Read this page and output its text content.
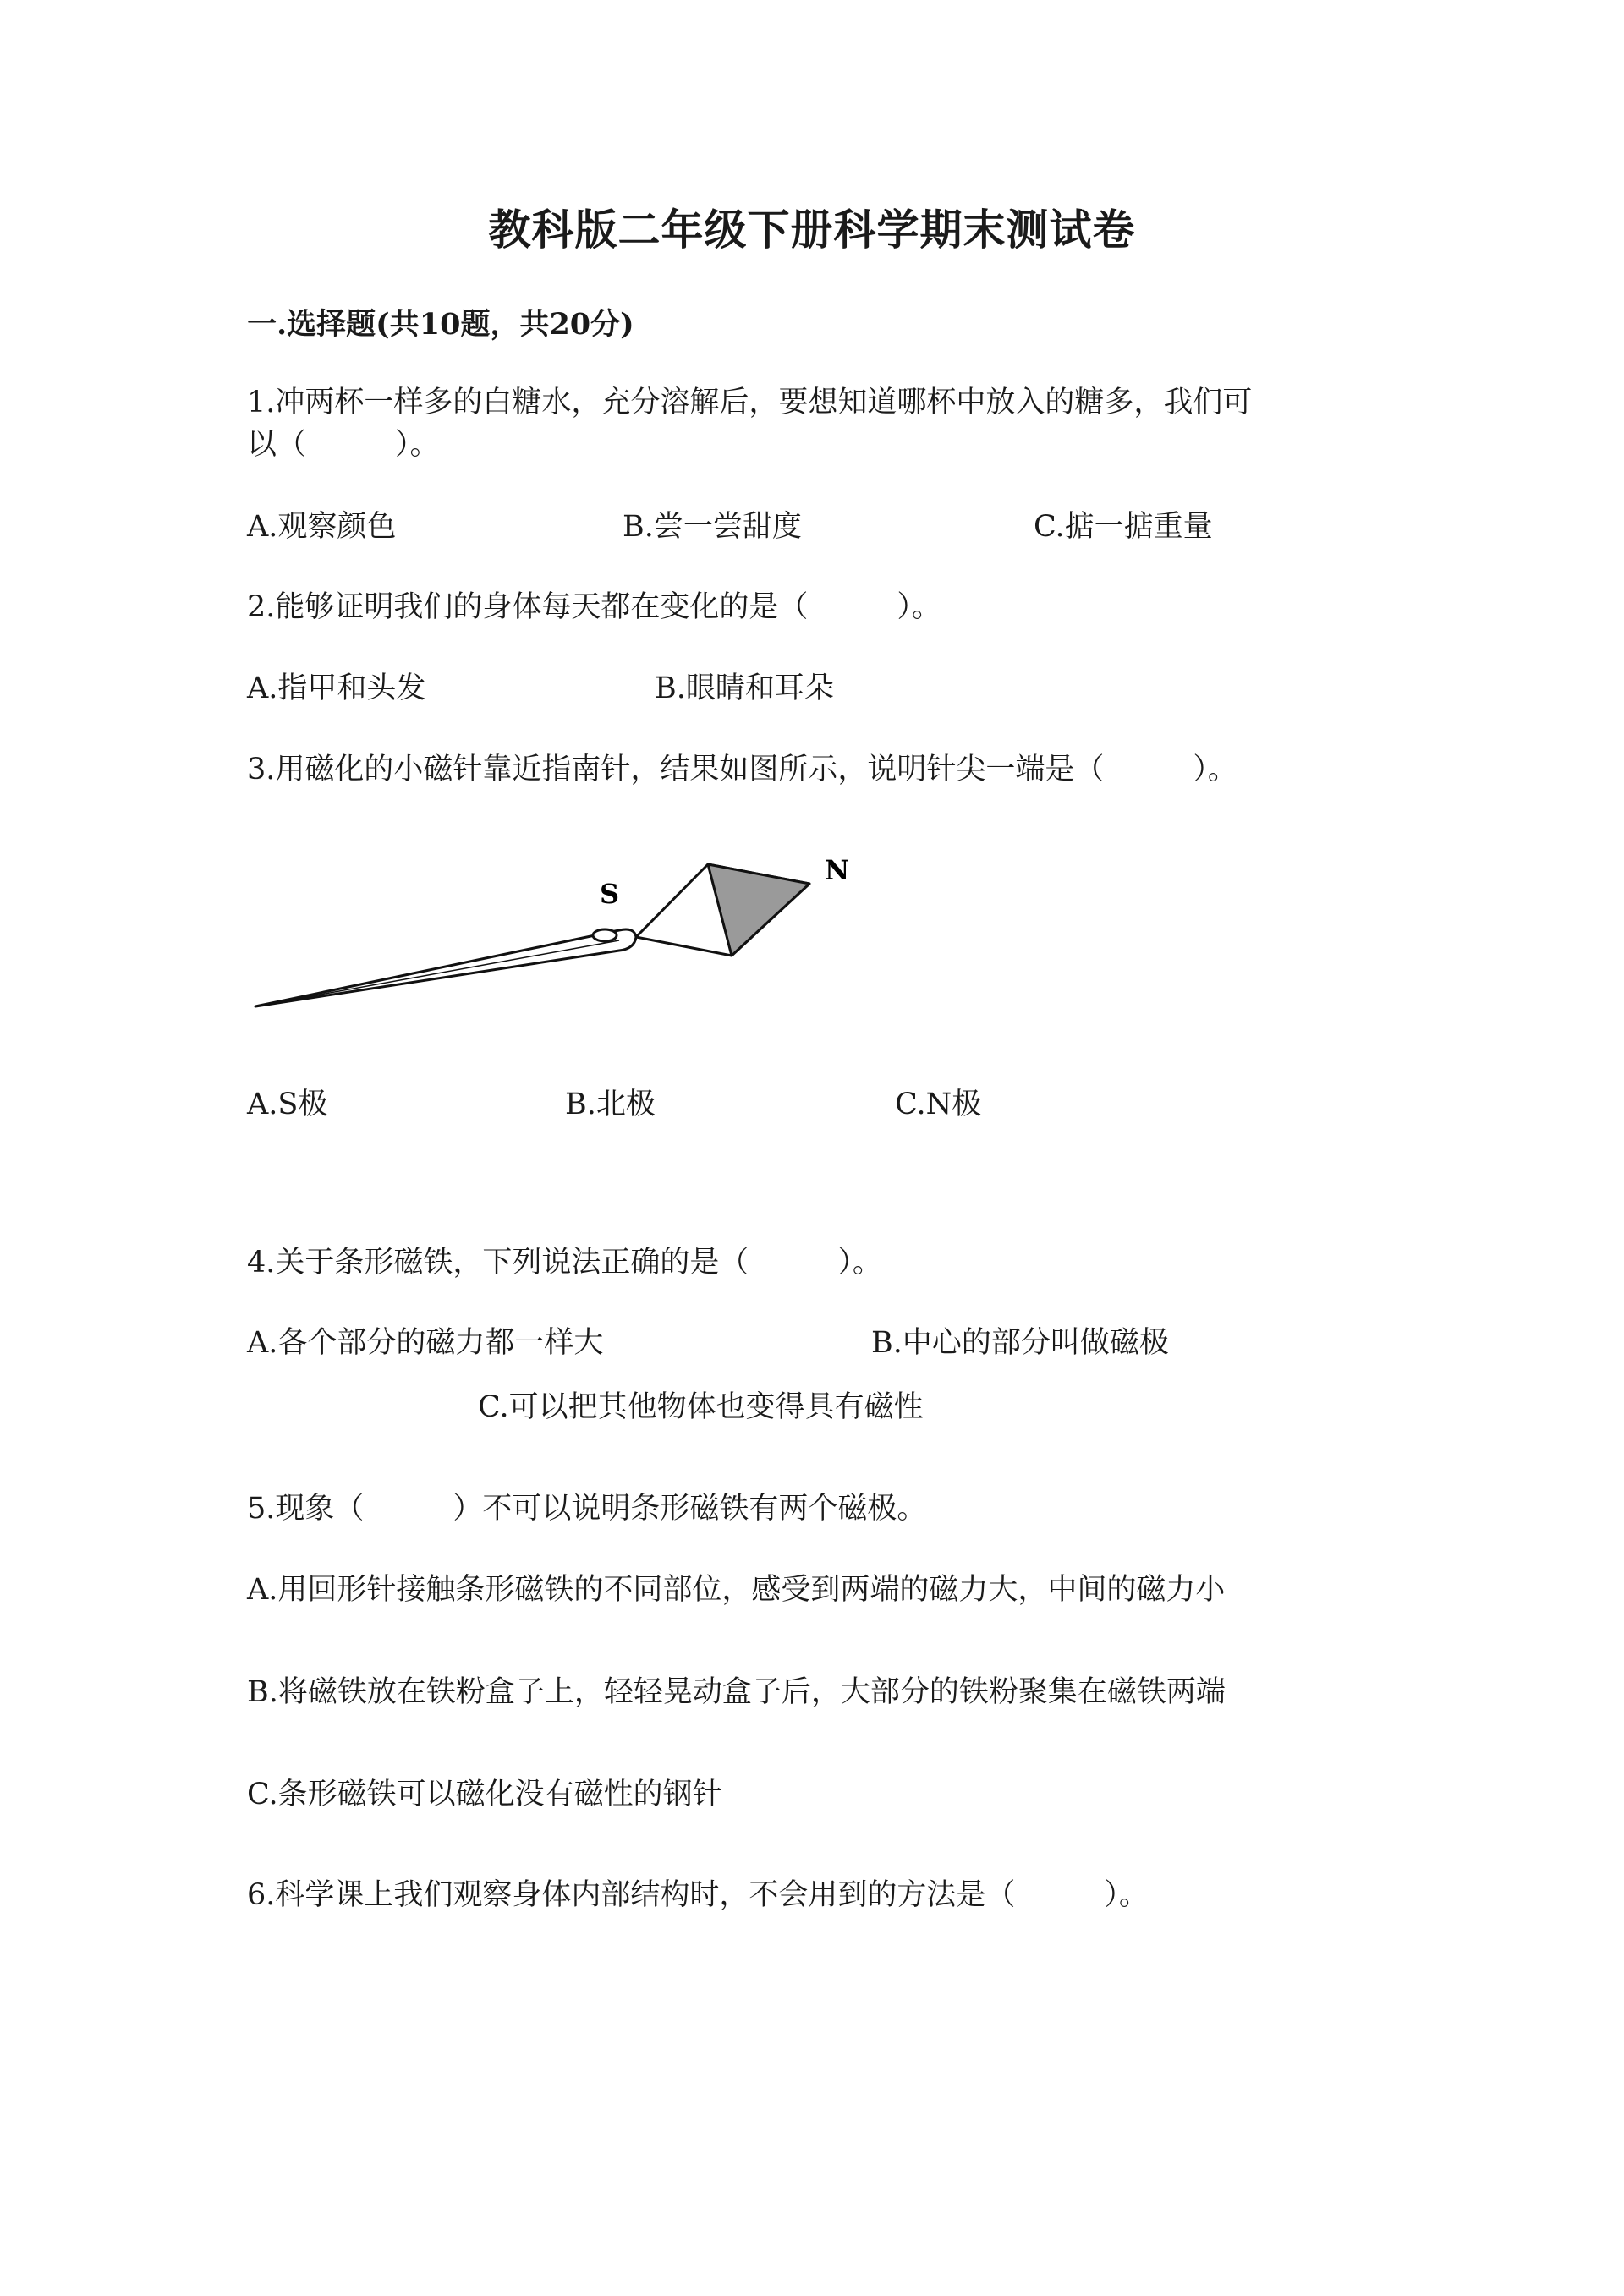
教科版二年级下册科学期末测试卷
一.选择题(共10题，共20分)
1.冲两杯一样多的白糖水，充分溶解后，要想知道哪杯中放入的糖多，我们可
以（　　　）。
A.观察颜色	B.尝一尝甜度	C.掂一掂重量
2.能够证明我们的身体每天都在变化的是（　　　）。
A.指甲和头发	B.眼睛和耳朵
3.用磁化的小磁针靠近指南针，结果如图所示，说明针尖一端是（　　　）。
S
N
A.S极	B.北极	C.N极
4.关于条形磁铁，下列说法正确的是（　　　）。
A.各个部分的磁力都一样大	B.中心的部分叫做磁极
C.可以把其他物体也变得具有磁性
5.现象（　　　）不可以说明条形磁铁有两个磁极。
A.用回形针接触条形磁铁的不同部位，感受到两端的磁力大，中间的磁力小
B.将磁铁放在铁粉盒子上，轻轻晃动盒子后，大部分的铁粉聚集在磁铁两端
C.条形磁铁可以磁化没有磁性的钢针
6.科学课上我们观察身体内部结构时，不会用到的方法是（　　　）。
